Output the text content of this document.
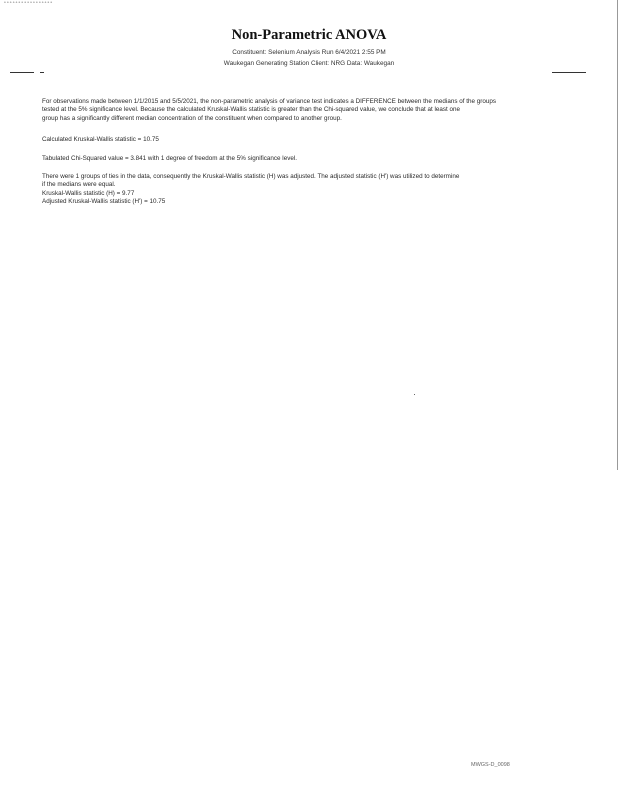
a a a a a a a a a a a a a a a a a
Non-Parametric ANOVA
Constituent: Selenium Analysis Run 6/4/2021 2:55 PM
Waukegan Generating Station Client: NRG Data: Waukegan
For observations made between 1/1/2015 and 5/5/2021, the non-parametric analysis of variance test indicates a DIFFERENCE between the medians of the groups
tested at the 5% significance level. Because the calculated Kruskal-Wallis statistic is greater than the Chi-squared value, we conclude that at least one
group has a significantly different median concentration of the constituent when compared to another group.
Calculated Kruskal-Wallis statistic = 10.75
Tabulated Chi-Squared value = 3.841 with 1 degree of freedom at the 5% significance level.
There were 1 groups of ties in the data, consequently the Kruskal-Wallis statistic (H) was adjusted. The adjusted statistic (H') was utilized to determine
if the medians were equal.
Kruskal-Wallis statistic (H) = 9.77
Adjusted Kruskal-Wallis statistic (H') = 10.75
MWGS-D_0098
